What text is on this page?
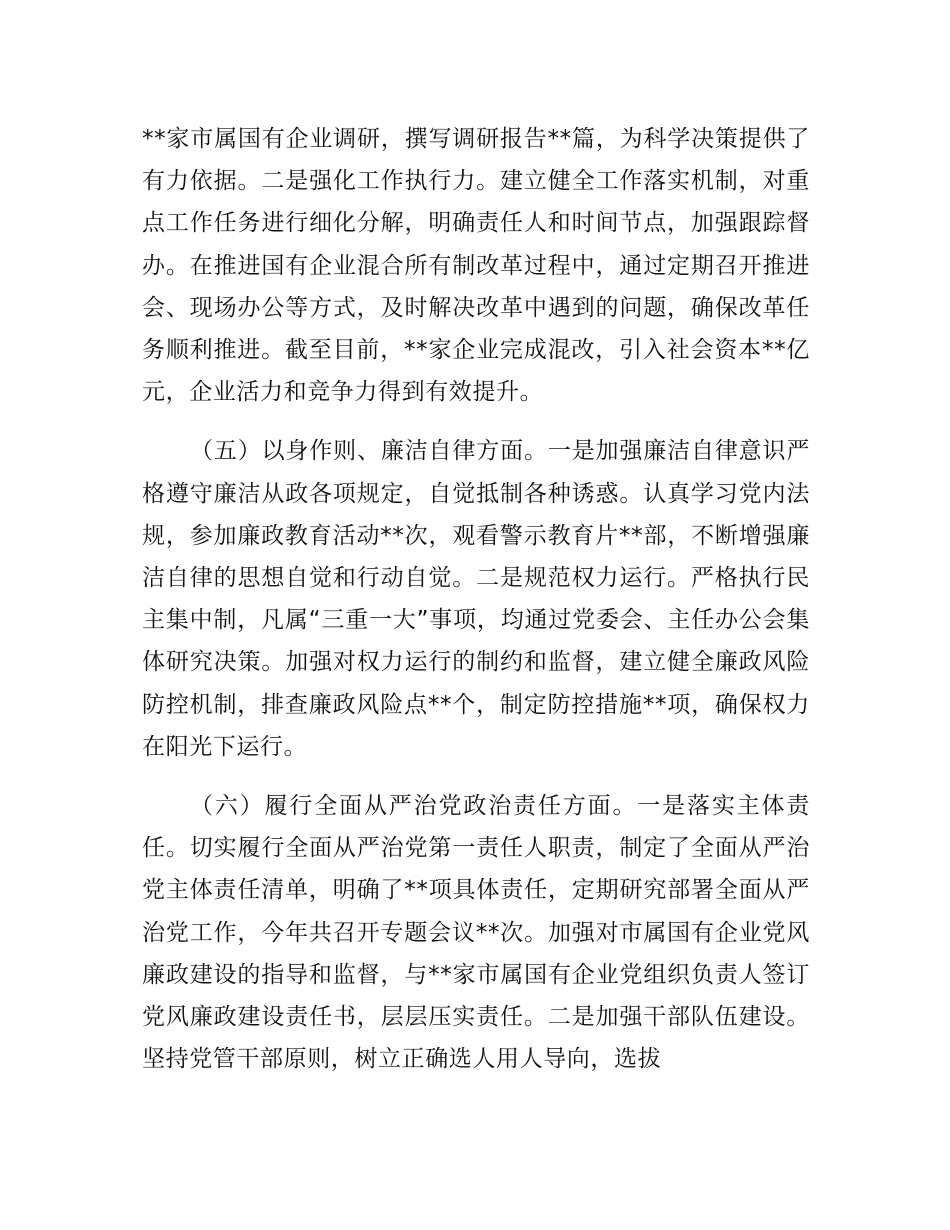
**家市属国有企业调研，撰写调研报告**篇，为科学决策提供了有力依据。二是强化工作执行力。建立健全工作落实机制，对重点工作任务进行细化分解，明确责任人和时间节点，加强跟踪督办。在推进国有企业混合所有制改革过程中，通过定期召开推进会、现场办公等方式，及时解决改革中遇到的问题，确保改革任务顺利推进。截至目前，**家企业完成混改，引入社会资本**亿元，企业活力和竞争力得到有效提升。

（五）以身作则、廉洁自律方面。一是加强廉洁自律意识严格遵守廉洁从政各项规定，自觉抵制各种诱惑。认真学习党内法规，参加廉政教育活动**次，观看警示教育片**部，不断增强廉洁自律的思想自觉和行动自觉。二是规范权力运行。严格执行民主集中制，凡属“三重一大”事项，均通过党委会、主任办公会集体研究决策。加强对权力运行的制约和监督，建立健全廉政风险防控机制，排查廉政风险点**个，制定防控措施**项，确保权力在阳光下运行。

（六）履行全面从严治党政治责任方面。一是落实主体责任。切实履行全面从严治党第一责任人职责，制定了全面从严治党主体责任清单，明确了**项具体责任，定期研究部署全面从严治党工作，今年共召开专题会议**次。加强对市属国有企业党风廉政建设的指导和监督，与**家市属国有企业党组织负责人签订党风廉政建设责任书，层层压实责任。二是加强干部队伍建设。坚持党管干部原则，树立正确选人用人导向，选拔
